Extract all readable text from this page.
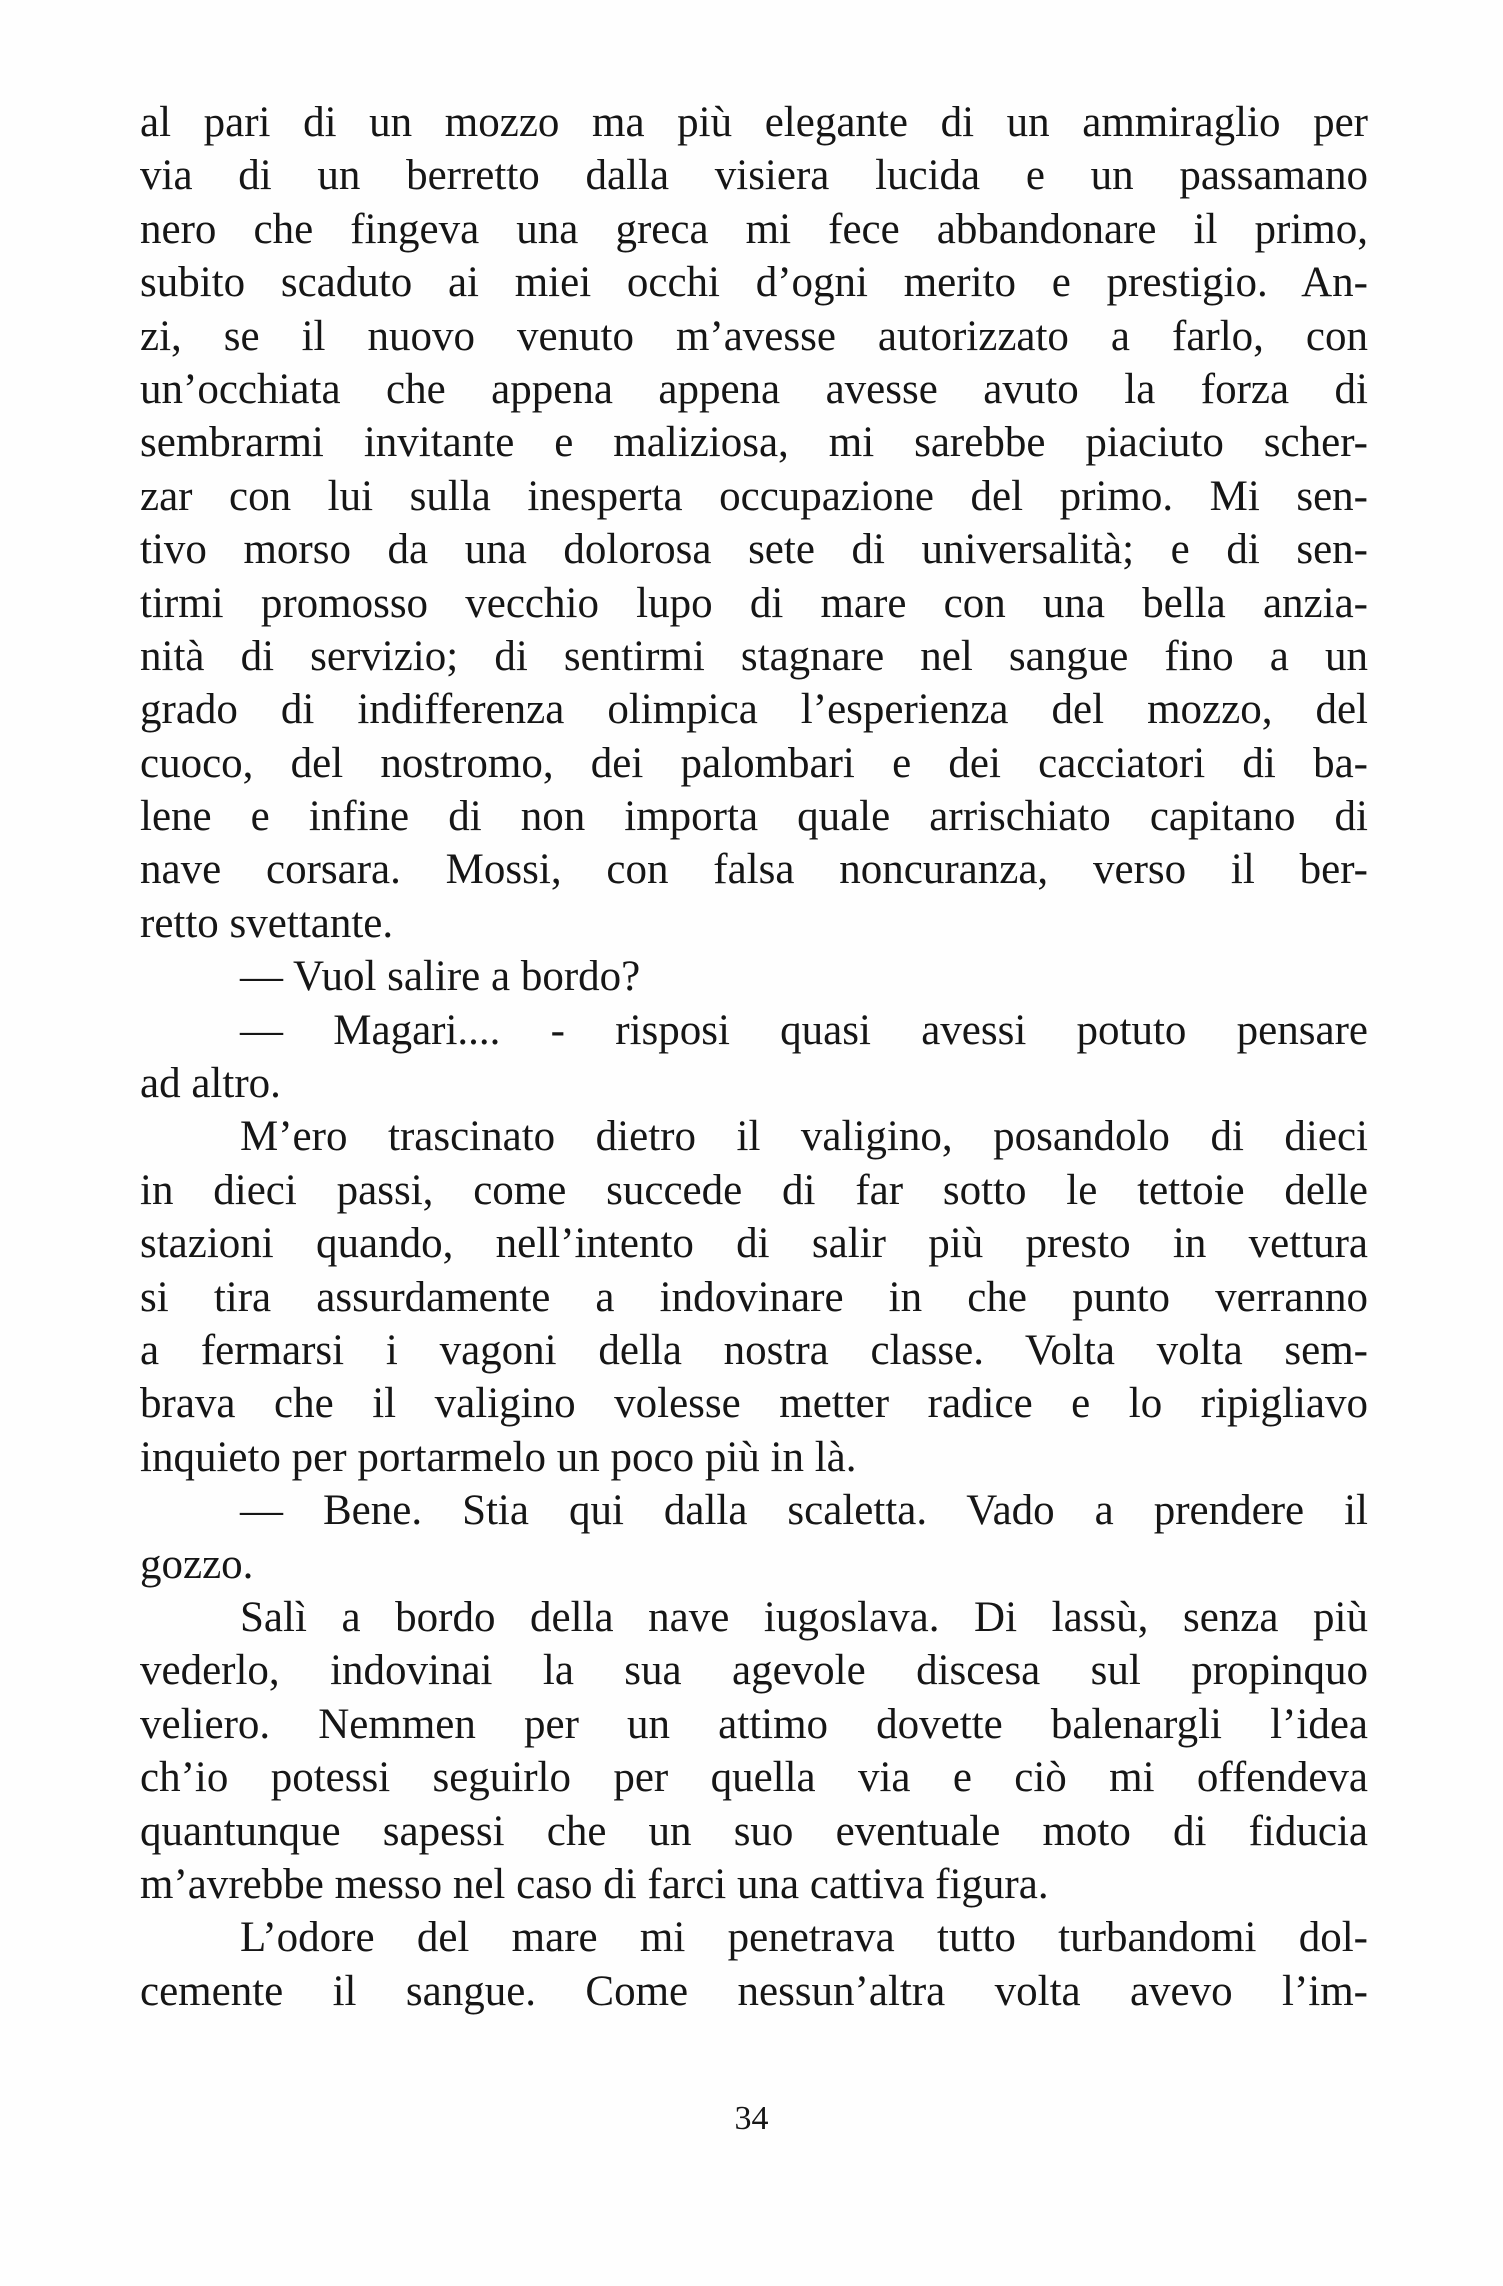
al pari di un mozzo ma più elegante di un ammiraglio per
via di un berretto dalla visiera lucida e un passamano
nero che fingeva una greca mi fece abbandonare il primo,
subito scaduto ai miei occhi d’ogni merito e prestigio. An-
zi, se il nuovo venuto m’avesse autorizzato a farlo, con
un’occhiata che appena appena avesse avuto la forza di
sembrarmi invitante e maliziosa, mi sarebbe piaciuto scher-
zar con lui sulla inesperta occupazione del primo. Mi sen-
tivo morso da una dolorosa sete di universalità; e di sen-
tirmi promosso vecchio lupo di mare con una bella anzia-
nità di servizio; di sentirmi stagnare nel sangue fino a un
grado di indifferenza olimpica l’esperienza del mozzo, del
cuoco, del nostromo, dei palombari e dei cacciatori di ba-
lene e infine di non importa quale arrischiato capitano di
nave corsara. Mossi, con falsa noncuranza, verso il ber-
retto svettante.
— Vuol salire a bordo?
— Magari.... - risposi quasi avessi potuto pensare
ad altro.
M’ero trascinato dietro il valigino, posandolo di dieci
in dieci passi, come succede di far sotto le tettoie delle
stazioni quando, nell’intento di salir più presto in vettura
si tira assurdamente a indovinare in che punto verranno
a fermarsi i vagoni della nostra classe. Volta volta sem-
brava che il valigino volesse metter radice e lo ripigliavo
inquieto per portarmelo un poco più in là.
— Bene. Stia qui dalla scaletta. Vado a prendere il
gozzo.
Salì a bordo della nave iugoslava. Di lassù, senza più
vederlo, indovinai la sua agevole discesa sul propinquo
veliero. Nemmen per un attimo dovette balenargli l’idea
ch’io potessi seguirlo per quella via e ciò mi offendeva
quantunque sapessi che un suo eventuale moto di fiducia
m’avrebbe messo nel caso di farci una cattiva figura.
L’odore del mare mi penetrava tutto turbandomi dol-
cemente il sangue. Come nessun’altra volta avevo l’im-
34
